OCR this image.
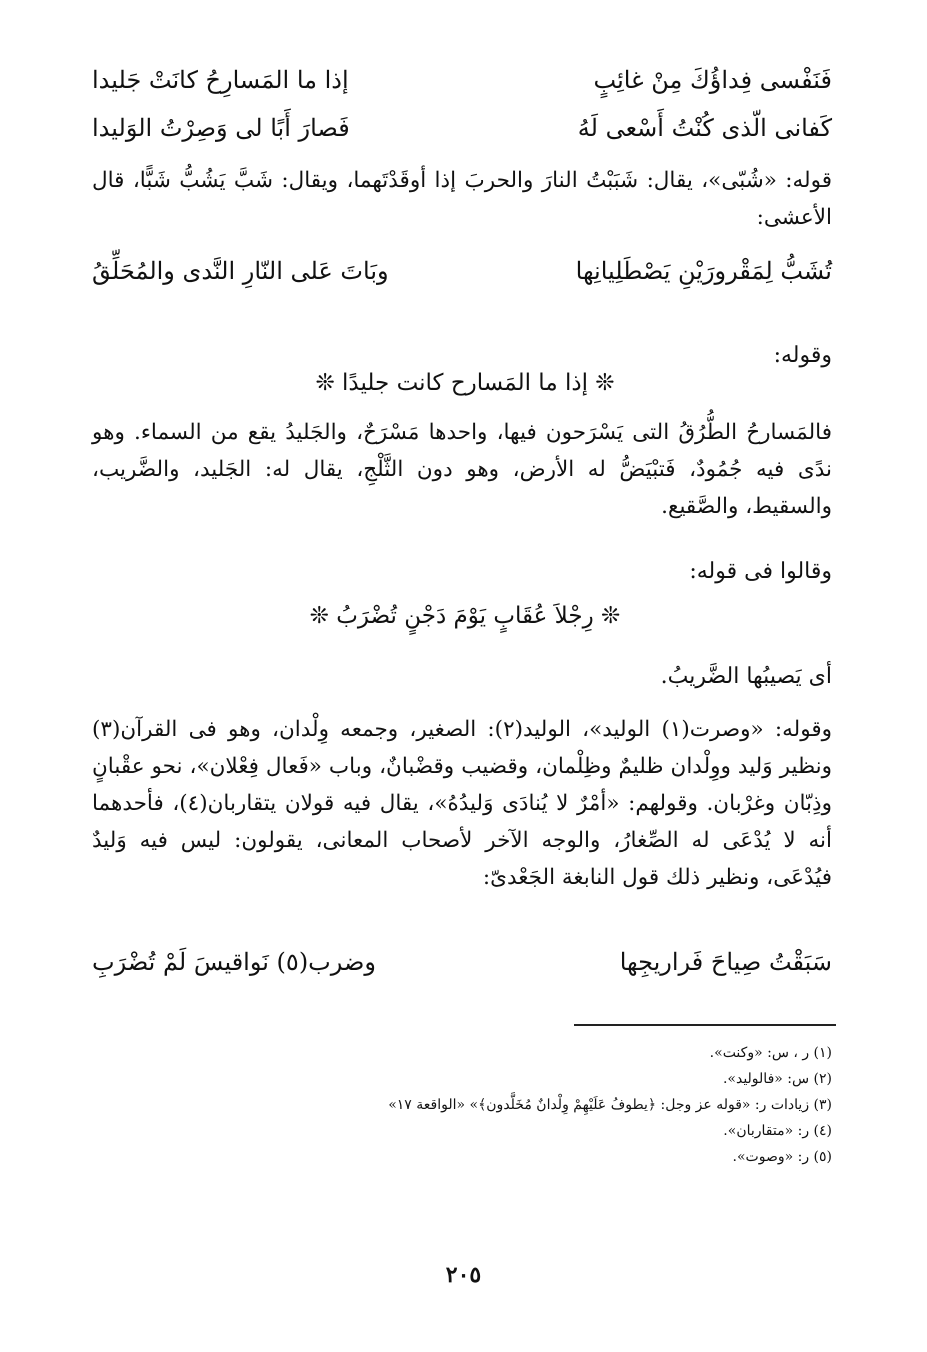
فَنَفْسى فِداؤُكَ مِنْ غائِبٍ
إذا ما المَسارِحُ كانَتْ جَليدا
كَفانى الّذى كُنْتُ أَسْعى لَهُ
فَصارَ أَبًا لى وَصِرْتُ الوَليدا
قوله: «شُبّى»، يقال: شَبَبْتُ النارَ والحربَ إذا أوقَدْتَهما، ويقال: شَبَّ يَشُبُّ شَبًّا، قال الأعشى:
تُشَبُّ لِمَقْرورَيْنِ يَصْطَلِيانِها
وبَاتَ عَلى النّارِ النَّدى والمُحَلِّقُ
وقوله:
❊ إذا ما المَسارح كانت جليدًا ❊
فالمَسارحُ الطُّرُقُ التى يَسْرَحون فيها، واحدها مَسْرَحٌ، والجَليدُ يقع من السماء. وهو ندًى فيه جُمُودٌ، فَتبْيَضُّ له الأرض، وهو دون الثَّلْجِ، يقال له: الجَليد، والضَّريب، والسقيط، والصَّقيع.
وقالوا فى قوله:
❊ رِجْلاَ عُقَابٍ يَوْمَ دَجْنٍ تُضْرَبُ ❊
أى يَصيبُها الضَّريبُ.
وقوله: «وصرت(١) الوليد»، الوليد(٢): الصغير، وجمعه وِلْدان، وهو فى القرآن(٣) ونظير وَليد ووِلْدان ظليمٌ وظِلْمان، وقضيب وقضْبانٌ، وباب «فَعال فِعْلان»، نحو عقْبانٍ وذِبّان وغرْبان. وقولهم: «أمْرٌ لا يُنادَى وَليدُهُ»، يقال فيه قولان يتقاربان(٤)، فأحدهما أنه لا يُدْعَى له الصِّغارُ، والوجه الآخر لأصحاب المعانى، يقولون: ليس فيه وَليدٌ فيُدْعَى، ونظير ذلك قول النابغة الجَعْدىّ:
سَبَقْتُ صِياحَ فَراريجِها
وضرب(٥) نَواقيسَ لَمْ تُضْرَبِ
(١) ر ، س: «وكنت».
(٢) س: «فالوليد».
(٣) زيادات ر: «قوله عز وجل: ﴿يطوفُ عَلَيْهِمْ وِلْدانٌ مُخَلَّدون﴾» «الواقعة ١٧»
(٤) ر: «متقاربان».
(٥) ر: «وصوت».
٢٠٥
